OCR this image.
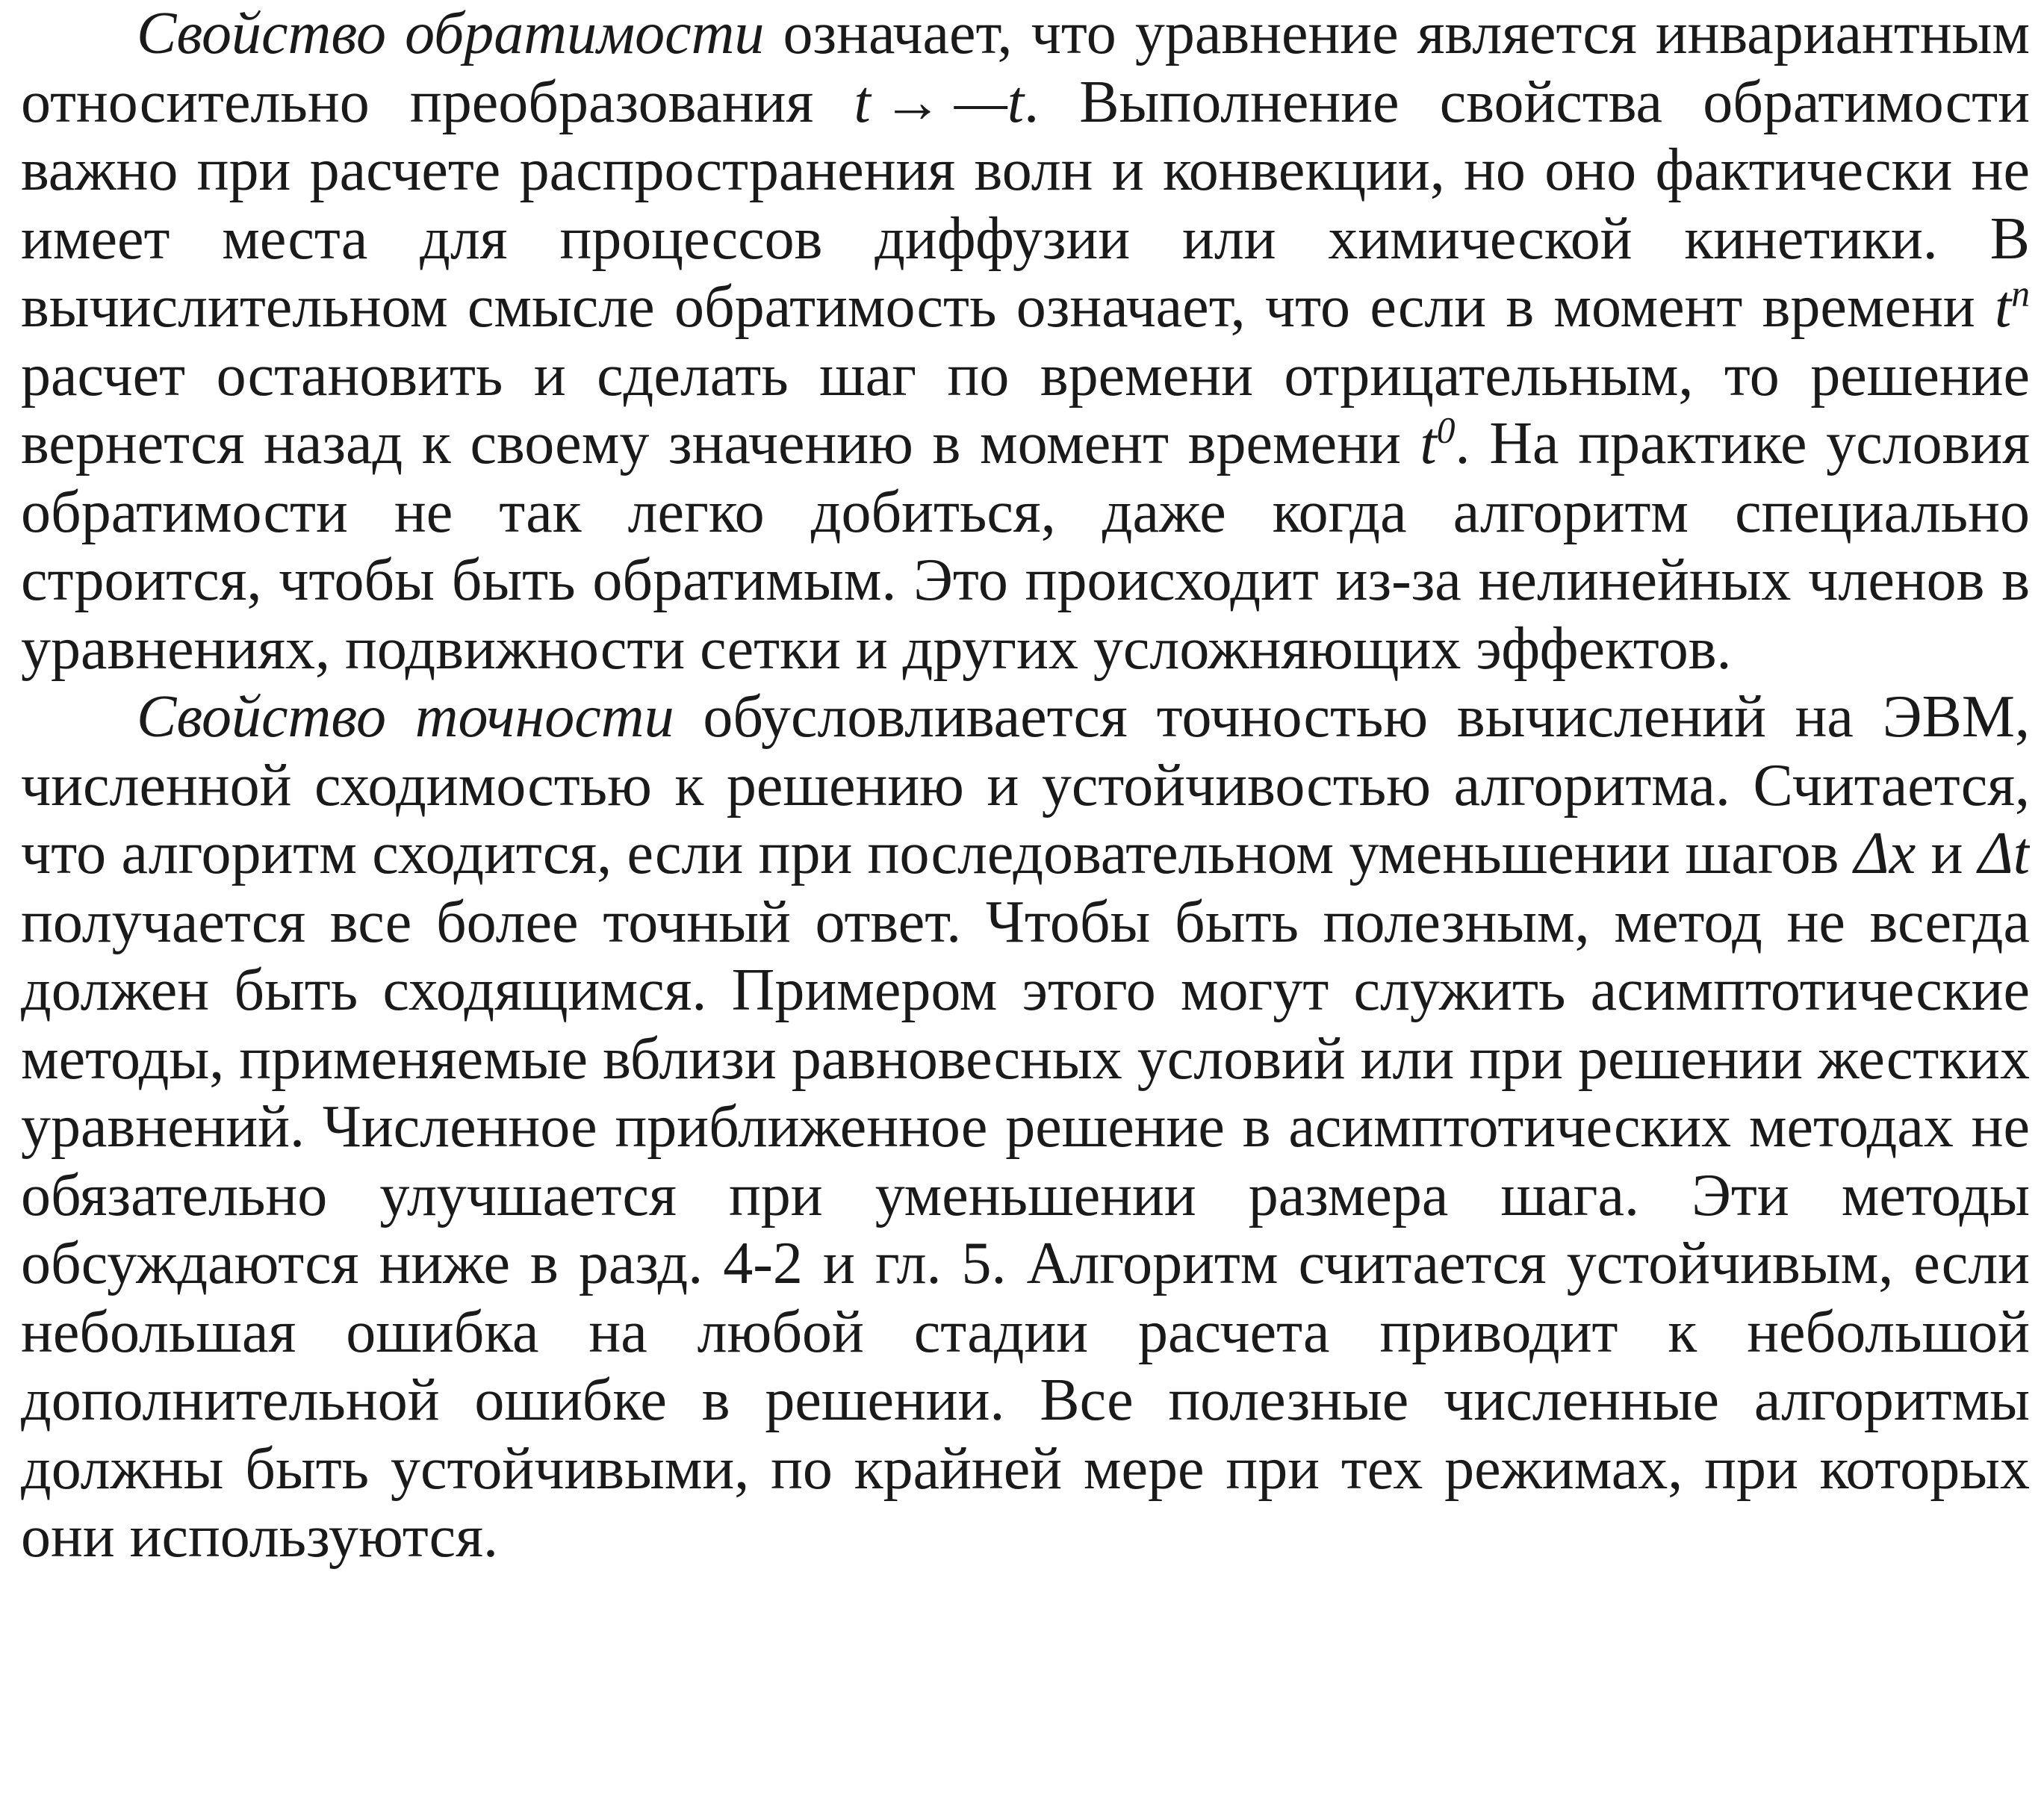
Свойство обратимости означает, что уравнение является инвариантным относительно преобразования t → —t. Выполнение свойства обратимости важно при расчете распространения волн и конвекции, но оно фактически не имеет места для процессов диффузии или химической кинетики. В вычислительном смысле обратимость означает, что если в момент времени $t^n$ расчет остановить и сделать шаг по времени отрицательным, то решение вернется назад к своему значению в момент времени $t^0$. На практике условия обратимости не так легко добиться, даже когда алгоритм специально строится, чтобы быть обратимым. Это происходит из-за нелинейных членов в уравнениях, подвижности сетки и других усложняющих эффектов.

Свойство точности обусловливается точностью вычислений на ЭВМ, численной сходимостью к решению и устойчивостью алгоритма. Считается, что алгоритм сходится, если при последовательном уменьшении шагов Δx и Δt получается все более точный ответ. Чтобы быть полезным, метод не всегда должен быть сходящимся. Примером этого могут служить асимптотические методы, применяемые вблизи равновесных условий или при решении жестких уравнений. Численное приближенное решение в асимптотических методах не обязательно улучшается при уменьшении размера шага. Эти методы обсуждаются ниже в разд. 4-2 и гл. 5. Алгоритм считается устойчивым, если небольшая ошибка на любой стадии расчета приводит к небольшой дополнительной ошибке в решении. Все полезные численные алгоритмы должны быть устойчивыми, по крайней мере при тех режимах, при которых они используются.
